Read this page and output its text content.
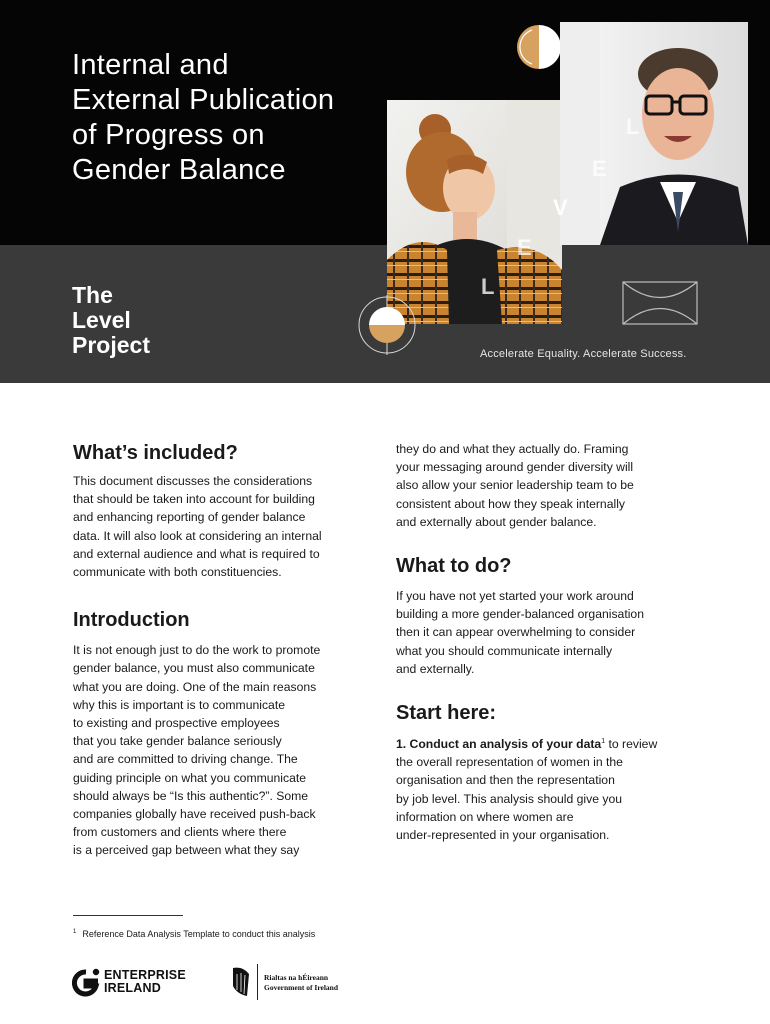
Internal and
External Publication
of Progress on
Gender Balance
The
Level
Project	Accelerate Equality. Accelerate Success.
L
E
V
E
L
What’s included?

This document discusses the considerations
that should be taken into account for building
and enhancing reporting of gender balance
data. It will also look at considering an internal
and external audience and what is required to
communicate with both constituencies.

Introduction

It is not enough just to do the work to promote
gender balance, you must also communicate
what you are doing. One of the main reasons
why this is important is to communicate
to existing and prospective employees
that you take gender balance seriously
and are committed to driving change. The
guiding principle on what you communicate
should always be “Is this authentic?”. Some
companies globally have received push-back
from customers and clients where there
is a perceived gap between what they say

they do and what they actually do. Framing
your messaging around gender diversity will
also allow your senior leadership team to be
consistent about how they speak internally
and externally about gender balance.

What to do?

If you have not yet started your work around
building a more gender-balanced organisation
then it can appear overwhelming to consider
what you should communicate internally
and externally.

Start here:

1. Conduct an analysis of your data$^1$ to review
the overall representation of women in the
organisation and then the representation
by job level. This analysis should give you
information on where women are
under-represented in your organisation.

$^1$ Reference Data Analysis Template to conduct this analysis
ENTERPRISE
IRELAND
Rialtas na hÉireann
Government of Ireland
